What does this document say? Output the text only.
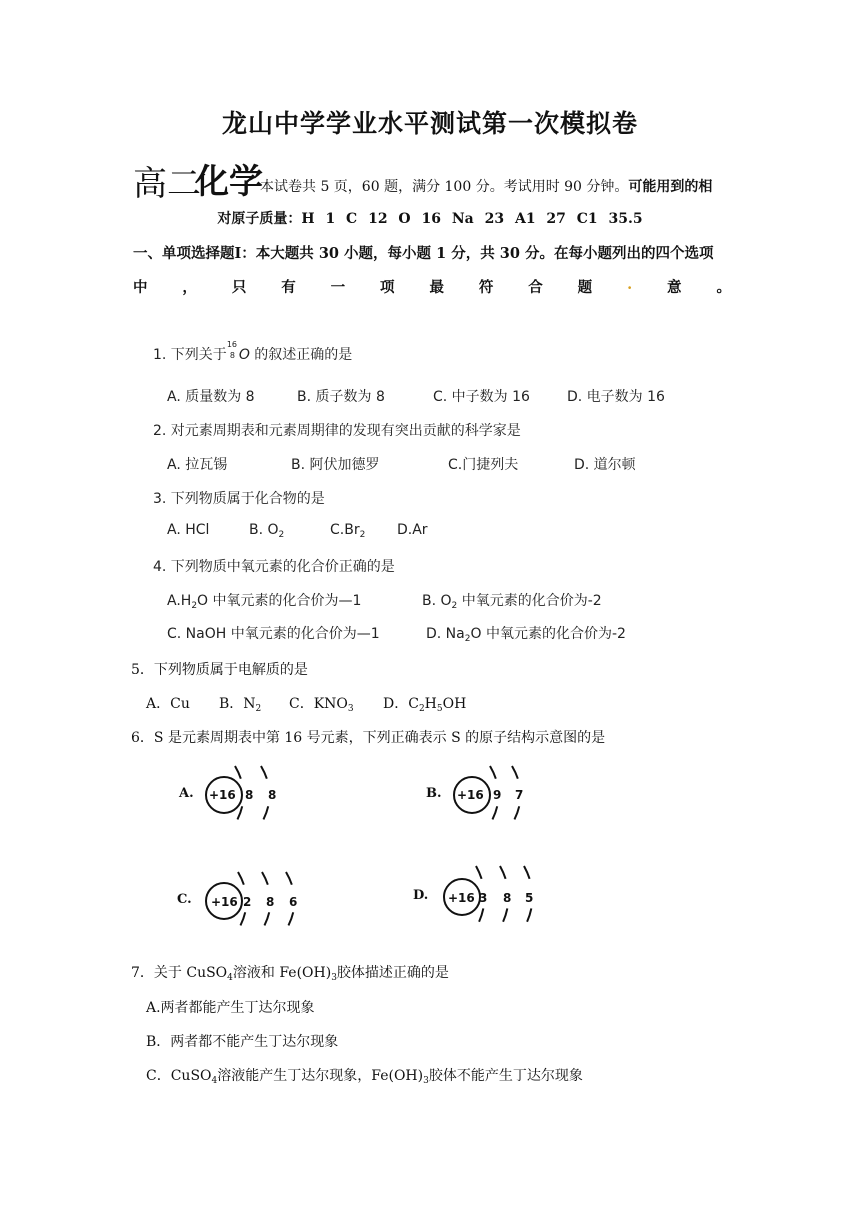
龙山中学学业水平测试第一次模拟卷
高二
化学
本试卷共 5 页，60 题，满分 100 分。考试用时 90 分钟。可能用到的相
对原子质量：H 1 C 12 O 16 Na 23 A1 27 C1 35.5
一、单项选择题Ⅰ：本大题共 30 小题，每小题 1 分，共 30 分。在每小题列出的四个选项
中 ， 只 有 一 项 最 符 合 题 . 意 。
1. 下列关于
16
8 O 的叙述正确的是
A. 质量数为 8	B. 质子数为 8	C. 中子数为 16	D. 电子数为 16
2. 对元素周期表和元素周期律的发现有突出贡献的科学家是
A. 拉瓦锡	B. 阿伏加德罗	C.门捷列夫	D. 道尔顿
3. 下列物质属于化合物的是
A. HCl	B. $O_2$	$C.Br_2$ D.Ar
4. 下列物质中氧元素的化合价正确的是
$A.H_2O$ 中氧元素的化合价为—1	B. $O_2$ 中氧元素的化合价为-2
C. NaOH 中氧元素的化合价为—1	D. $Na_2O$ 中氧元素的化合价为-2
5．下列物质属于电解质的是
A．Cu B．$N_2$ C．$KNO_3$ D．$C_2H_5OH$
6．S 是元素周期表中第 16 号元素，下列正确表示 S 的原子结构示意图的是
A. +16 8 8	B. +16 9 7
C. +16 2 8 6	D. +16 3 8 5
7．关于 CuSO$_4$溶液和 $Fe(OH)_3$胶体描述正确的是
A.两者都能产生丁达尔现象
B．两者都不能产生丁达尔现象
C．CuSO$_4$溶液能产生丁达尔现象，$Fe(OH)_3$胶体不能产生丁达尔现象
